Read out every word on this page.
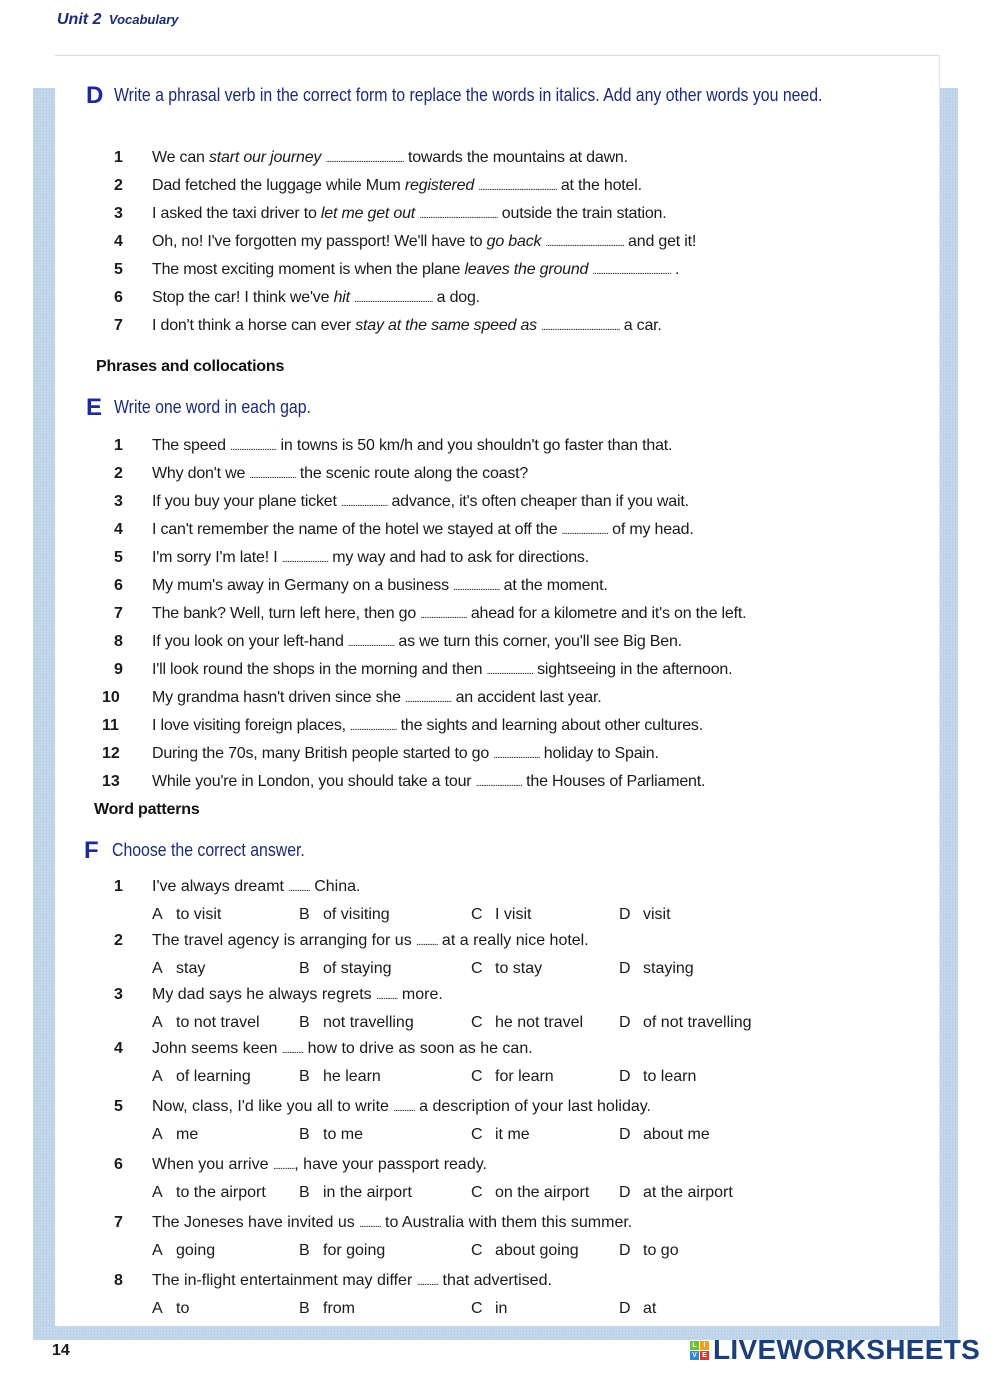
Unit 2 Vocabulary
D Write a phrasal verb in the correct form to replace the words in italics. Add any other words you need.
1	We can start our journey ............................................ towards the mountains at dawn.
2	Dad fetched the luggage while Mum registered ............................................ at the hotel.
3	I asked the taxi driver to let me get out ............................................ outside the train station.
4	Oh, no! I've forgotten my passport! We'll have to go back ............................................ and get it!
5	The most exciting moment is when the plane leaves the ground ............................................ .
6	Stop the car! I think we've hit ............................................ a dog.
7	I don't think a horse can ever stay at the same speed as ............................................ a car.
Phrases and collocations
E Write one word in each gap.
1	The speed .......................... in towns is 50 km/h and you shouldn't go faster than that.
2	Why don't we .......................... the scenic route along the coast?
3	If you buy your plane ticket .......................... advance, it's often cheaper than if you wait.
4	I can't remember the name of the hotel we stayed at off the .......................... of my head.
5	I'm sorry I'm late! I .......................... my way and had to ask for directions.
6	My mum's away in Germany on a business .......................... at the moment.
7	The bank? Well, turn left here, then go .......................... ahead for a kilometre and it's on the left.
8	If you look on your left-hand .......................... as we turn this corner, you'll see Big Ben.
9	I'll look round the shops in the morning and then .......................... sightseeing in the afternoon.
10	My grandma hasn't driven since she .......................... an accident last year.
11	I love visiting foreign places, .......................... the sights and learning about other cultures.
12	During the 70s, many British people started to go .......................... holiday to Spain.
13	While you're in London, you should take a tour .......................... the Houses of Parliament.
Word patterns
F Choose the correct answer.
1	I've always dreamt ............ China.
A to visit	B of visiting	C I visit	D visit
2	The travel agency is arranging for us ............ at a really nice hotel.
A stay	B of staying	C to stay	D staying
3	My dad says he always regrets ............ more.
A to not travel B not travelling	C he not travel D of not travelling
4	John seems keen ............ how to drive as soon as he can.
A of learning	B he learn	C for learn	D to learn
5	Now, class, I'd like you all to write ............ a description of your last holiday.
A me	B to me	C it me	D about me
6	When you arrive ............, have your passport ready.
A to the airport B in the airport	C on the airport D at the airport
7	The Joneses have invited us ............ to Australia with them this summer.
A going	B for going	C about going	D to go
8	The in-flight entertainment may differ ............ that advertised.
A to	B from	C in	D at
14	L I
V E LIVEWORKSHEETS
